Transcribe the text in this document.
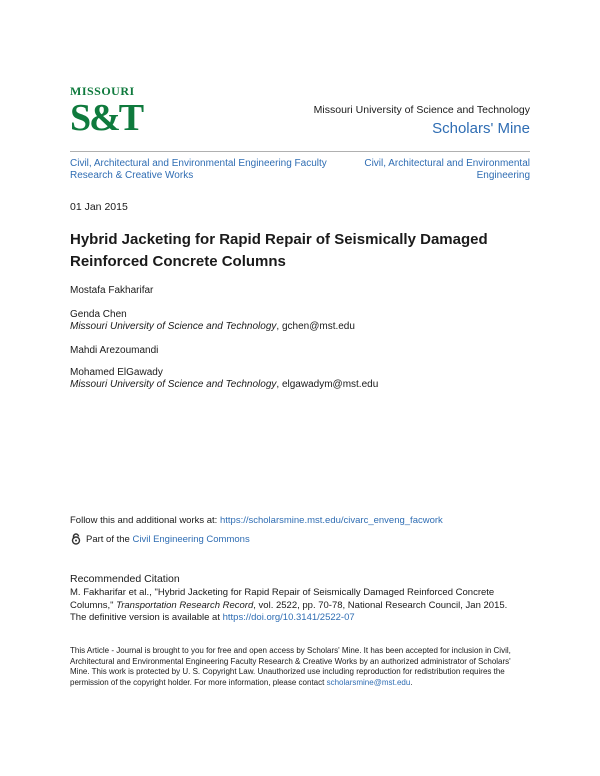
MISSOURI
S&T	Missouri University of Science and Technology
Scholars' Mine
Civil, Architectural and Environmental Engineering Faculty Research & Creative Works
Civil, Architectural and Environmental Engineering
01 Jan 2015
Hybrid Jacketing for Rapid Repair of Seismically Damaged Reinforced Concrete Columns
Mostafa Fakharifar
Genda Chen
Missouri University of Science and Technology, gchen@mst.edu
Mahdi Arezoumandi
Mohamed ElGawady
Missouri University of Science and Technology, elgawadym@mst.edu
Follow this and additional works at: https://scholarsmine.mst.edu/civarc_enveng_facwork
Part of the Civil Engineering Commons
Recommended Citation
M. Fakharifar et al., "Hybrid Jacketing for Rapid Repair of Seismically Damaged Reinforced Concrete Columns," Transportation Research Record, vol. 2522, pp. 70-78, National Research Council, Jan 2015.
The definitive version is available at https://doi.org/10.3141/2522-07
This Article - Journal is brought to you for free and open access by Scholars' Mine. It has been accepted for inclusion in Civil, Architectural and Environmental Engineering Faculty Research & Creative Works by an authorized administrator of Scholars' Mine. This work is protected by U. S. Copyright Law. Unauthorized use including reproduction for redistribution requires the permission of the copyright holder. For more information, please contact scholarsmine@mst.edu.
